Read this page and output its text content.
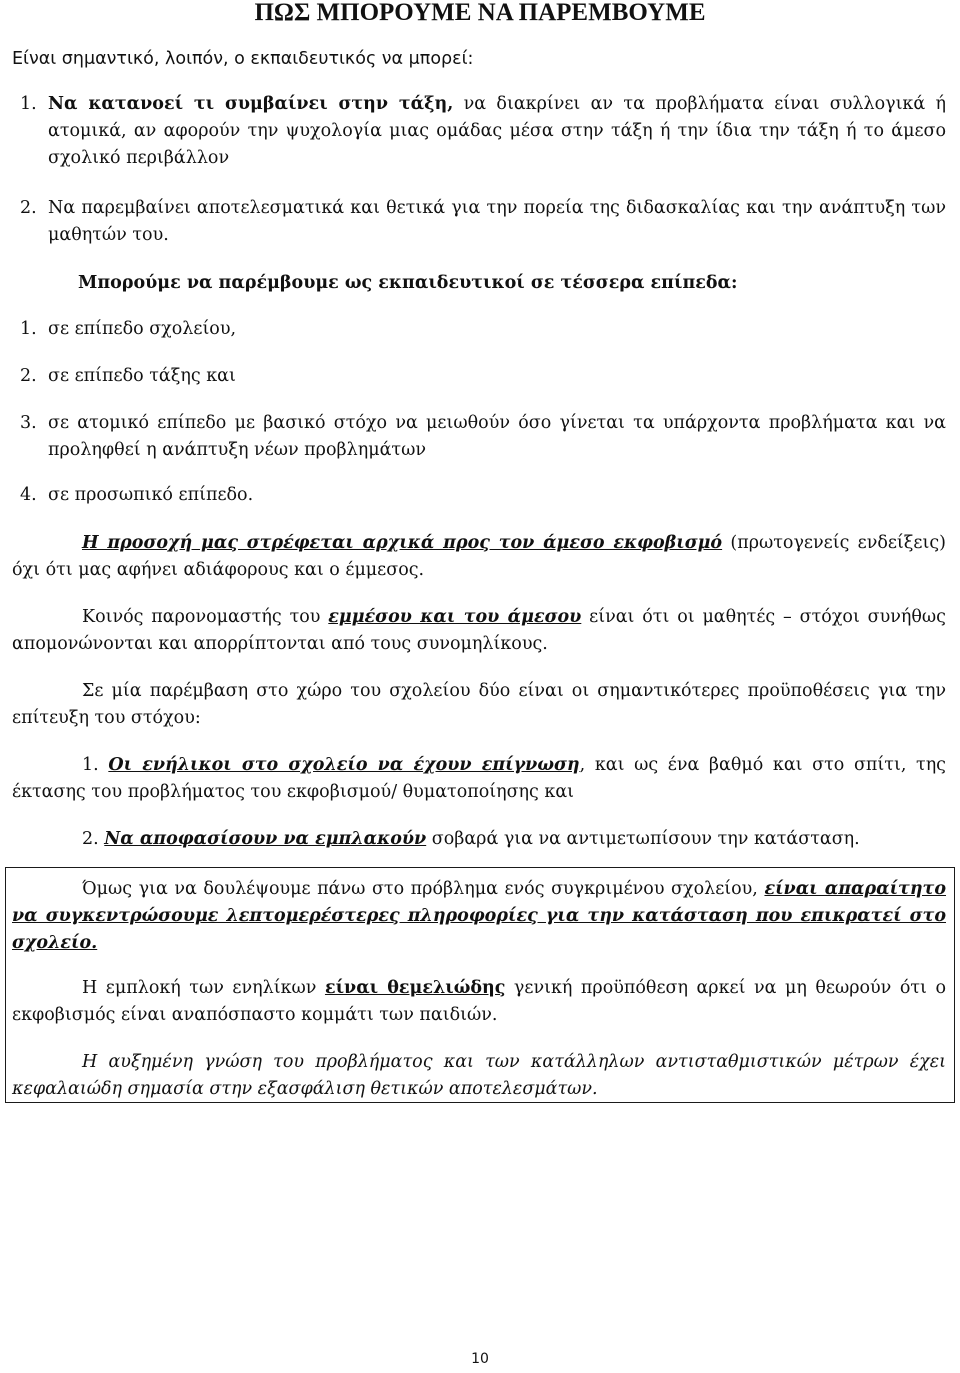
ΠΩΣ ΜΠΟΡΟΥΜΕ ΝΑ ΠΑΡΕΜΒΟΥΜΕ

Είναι σημαντικό, λοιπόν, ο εκπαιδευτικός να μπορεί:

1. Να κατανοεί τι συμβαίνει στην τάξη, να διακρίνει αν τα προβλήματα είναι συλλογικά ή ατομικά, αν αφορούν την ψυχολογία μιας ομάδας μέσα στην τάξη ή την ίδια την τάξη ή το άμεσο σχολικό περιβάλλον

2. Να παρεμβαίνει αποτελεσματικά και θετικά για την πορεία της διδασκαλίας και την ανάπτυξη των μαθητών του.

Μπορούμε να παρέμβουμε ως εκπαιδευτικοί σε τέσσερα επίπεδα:

1. σε επίπεδο σχολείου,

2. σε επίπεδο τάξης και

3. σε ατομικό επίπεδο με βασικό στόχο να μειωθούν όσο γίνεται τα υπάρχοντα προβλήματα και να προληφθεί η ανάπτυξη νέων προβλημάτων

4. σε προσωπικό επίπεδο.

Η προσοχή μας στρέφεται αρχικά προς τον άμεσο εκφοβισμό (πρωτογενείς ενδείξεις) όχι ότι μας αφήνει αδιάφορους και ο έμμεσος.

Κοινός παρονομαστής του εμμέσου και του άμεσου είναι ότι οι μαθητές – στόχοι συνήθως απομονώνονται και απορρίπτονται από τους συνομηλίκους.

Σε μία παρέμβαση στο χώρο του σχολείου δύο είναι οι σημαντικότερες προϋποθέσεις για την επίτευξη του στόχου:

1. Οι ενήλικοι στο σχολείο να έχουν επίγνωση, και ως ένα βαθμό και στο σπίτι, της έκτασης του προβλήματος του εκφοβισμού/ θυματοποίησης και

2. Να αποφασίσουν να εμπλακούν σοβαρά για να αντιμετωπίσουν την κατάσταση.

Όμως για να δουλέψουμε πάνω στο πρόβλημα ενός συγκριμένου σχολείου, είναι απαραίτητο να συγκεντρώσουμε λεπτομερέστερες πληροφορίες για την κατάσταση που επικρατεί στο σχολείο.

Η εμπλοκή των ενηλίκων είναι θεμελιώδης γενική προϋπόθεση αρκεί να μη θεωρούν ότι ο εκφοβισμός είναι αναπόσπαστο κομμάτι των παιδιών.

Η αυξημένη γνώση του προβλήματος και των κατάλληλων αντισταθμιστικών μέτρων έχει κεφαλαιώδη σημασία στην εξασφάλιση θετικών αποτελεσμάτων.

10
